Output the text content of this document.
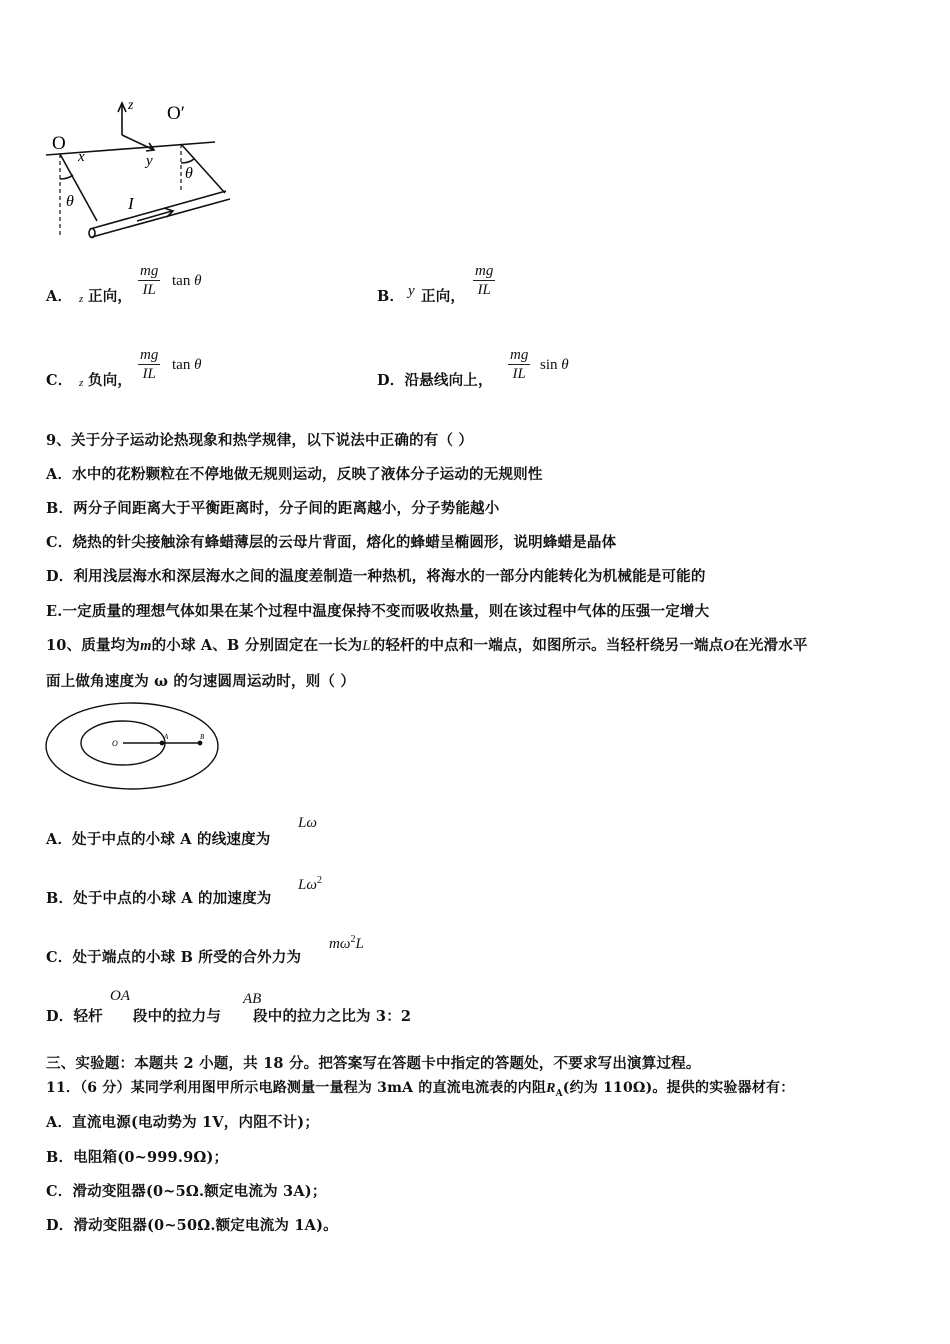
O
O′
z
x	y
θ
θ
I
A． z 正向， $\frac{mg}{IL}$ tan θ
B． y 正向， $\frac{mg}{IL}$
C． z 负向， $\frac{mg}{IL}$ tan θ
D．沿悬线向上， $\frac{mg}{IL}$ sin θ
9、关于分子运动论热现象和热学规律，以下说法中正确的有（ ）
A．水中的花粉颗粒在不停地做无规则运动，反映了液体分子运动的无规则性
B．两分子间距离大于平衡距离时，分子间的距离越小，分子势能越小
C．烧热的针尖接触涂有蜂蜡薄层的云母片背面，熔化的蜂蜡呈椭圆形，说明蜂蜡是晶体
D．利用浅层海水和深层海水之间的温度差制造一种热机，将海水的一部分内能转化为机械能是可能的
E.一定质量的理想气体如果在某个过程中温度保持不变而吸收热量，则在该过程中气体的压强一定增大
10、质量均为m的小球 A、B 分别固定在一长为L的轻杆的中点和一端点，如图所示。当轻杆绕另一端点O在光滑水平
面上做角速度为 ω 的匀速圆周运动时，则（ ）
O
A	B
A．处于中点的小球 A 的线速度为
Lω
B．处于中点的小球 A 的加速度为
$L\omega^2$
C．处于端点的小球 B 所受的合外力为
$m\omega^2L$
D．轻杆 段中的拉力与 段中的拉力之比为 3：2
OA	AB
三、实验题：本题共 2 小题，共 18 分。把答案写在答题卡中指定的答题处，不要求写出演算过程。
11．（6 分）某同学利用图甲所示电路测量一量程为 3mA 的直流电流表的内阻$R_A$(约为 110Ω)。提供的实验器材有：
A．直流电源(电动势为 1V，内阻不计)；
B．电阻箱(0~999.9Ω)；
C．滑动变阻器(0~5Ω.额定电流为 3A)；
D．滑动变阻器(0~50Ω.额定电流为 1A)。
